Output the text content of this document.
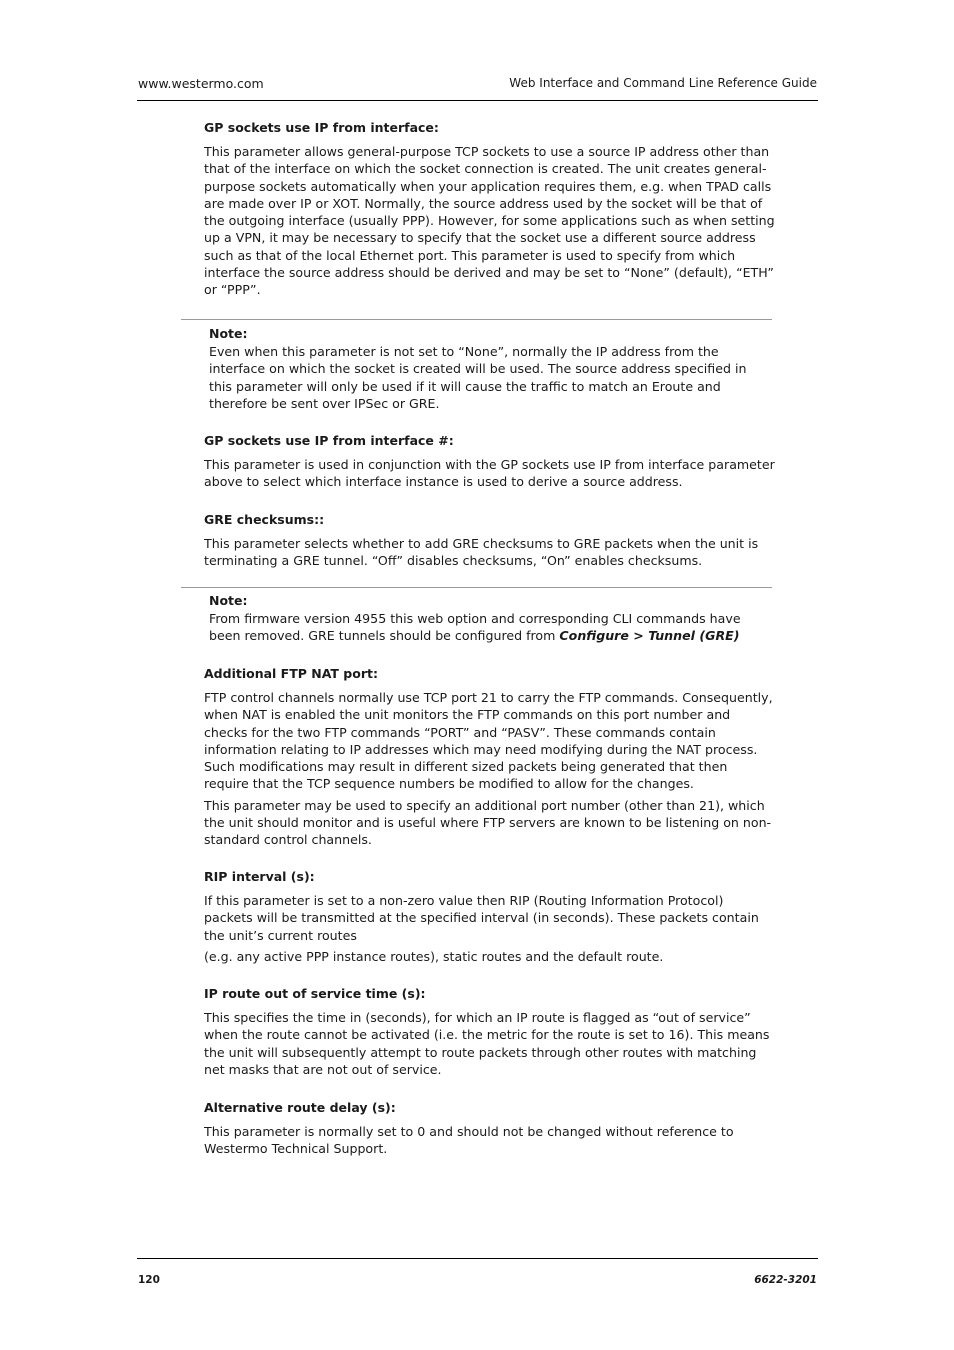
www.westermo.com	Web Interface and Command Line Reference Guide
GP sockets use IP from interface:

This parameter allows general-purpose TCP sockets to use a source IP address other than that of the interface on which the socket connection is created. The unit creates general-purpose sockets automatically when your application requires them, e.g. when TPAD calls are made over IP or XOT. Normally, the source address used by the socket will be that of the outgoing interface (usually PPP). However, for some applications such as when setting up a VPN, it may be necessary to specify that the socket use a different source address such as that of the local Ethernet port. This parameter is used to specify from which interface the source address should be derived and may be set to “None” (default), “ETH” or “PPP”.

Note:

Even when this parameter is not set to “None”, normally the IP address from the interface on which the socket is created will be used. The source address specified in this parameter will only be used if it will cause the traffic to match an Eroute and therefore be sent over IPSec or GRE.

GP sockets use IP from interface #:

This parameter is used in conjunction with the GP sockets use IP from interface parameter above to select which interface instance is used to derive a source address.

GRE checksums::

This parameter selects whether to add GRE checksums to GRE packets when the unit is terminating a GRE tunnel. “Off” disables checksums, “On” enables checksums.

Note:

From firmware version 4955 this web option and corresponding CLI commands have been removed. GRE tunnels should be configured from Configure > Tunnel (GRE)

Additional FTP NAT port:

FTP control channels normally use TCP port 21 to carry the FTP commands. Consequently, when NAT is enabled the unit monitors the FTP commands on this port number and checks for the two FTP commands “PORT” and “PASV”. These commands contain information relating to IP addresses which may need modifying during the NAT process. Such modifications may result in different sized packets being generated that then require that the TCP sequence numbers be modified to allow for the changes.

This parameter may be used to specify an additional port number (other than 21), which the unit should monitor and is useful where FTP servers are known to be listening on non-standard control channels.

RIP interval (s):

If this parameter is set to a non-zero value then RIP (Routing Information Protocol) packets will be transmitted at the specified interval (in seconds). These packets contain the unit’s current routes

(e.g. any active PPP instance routes), static routes and the default route.

IP route out of service time (s):

This specifies the time in (seconds), for which an IP route is flagged as “out of service” when the route cannot be activated (i.e. the metric for the route is set to 16). This means the unit will subsequently attempt to route packets through other routes with matching net masks that are not out of service.

Alternative route delay (s):

This parameter is normally set to 0 and should not be changed without reference to Westermo Technical Support.

120	6622-3201
